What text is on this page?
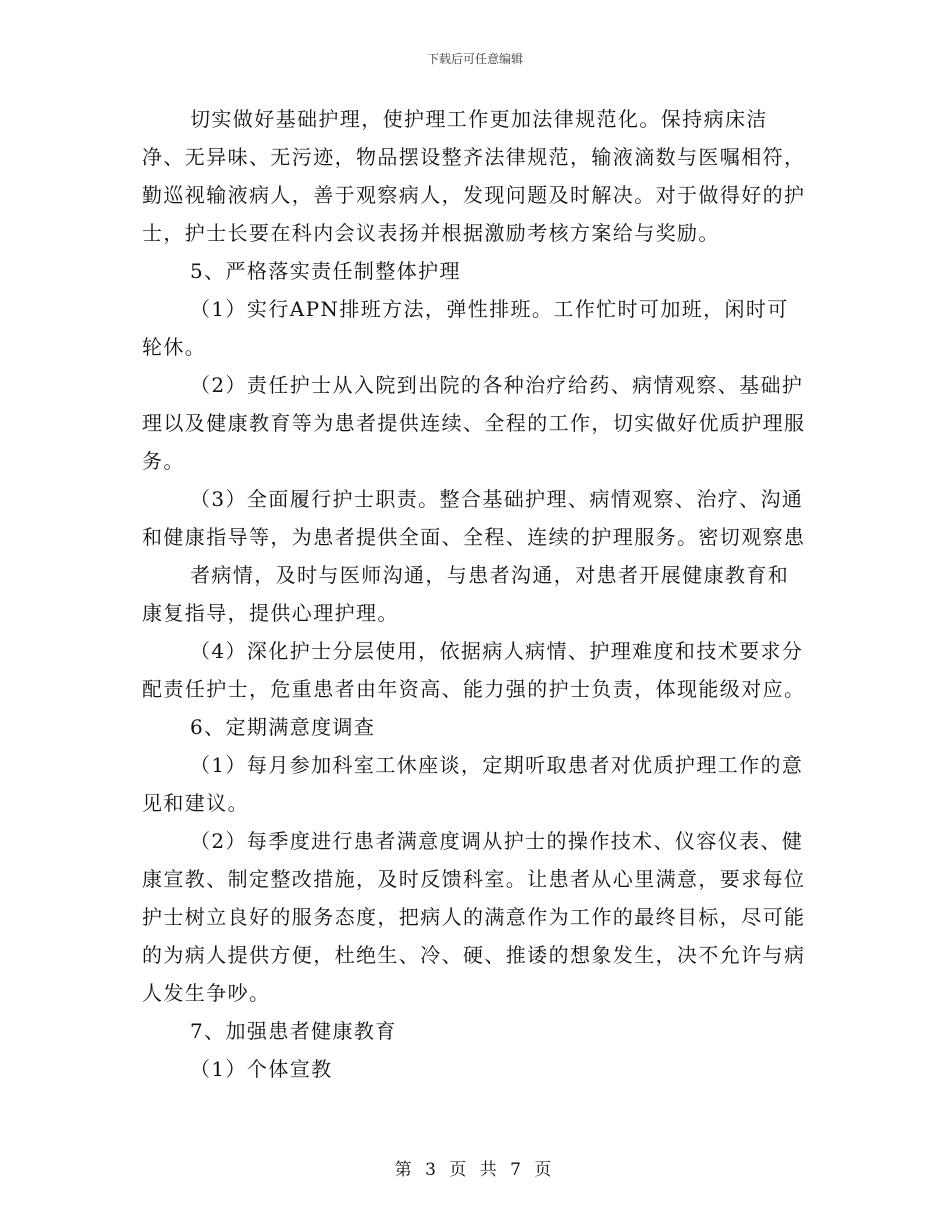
下载后可任意编辑

切实做好基础护理，使护理工作更加法律规范化。保持病床洁净、无异味、无污迹，物品摆设整齐法律规范，输液滴数与医嘱相符，勤巡视输液病人，善于观察病人，发现问题及时解决。对于做得好的护士，护士长要在科内会议表扬并根据激励考核方案给与奖励。

5、严格落实责任制整体护理

（1）实行APN排班方法，弹性排班。工作忙时可加班，闲时可轮休。

（2）责任护士从入院到出院的各种治疗给药、病情观察、基础护理以及健康教育等为患者提供连续、全程的工作，切实做好优质护理服务。

（3）全面履行护士职责。整合基础护理、病情观察、治疗、沟通和健康指导等，为患者提供全面、全程、连续的护理服务。密切观察患

者病情，及时与医师沟通，与患者沟通，对患者开展健康教育和康复指导，提供心理护理。

（4）深化护士分层使用，依据病人病情、护理难度和技术要求分配责任护士，危重患者由年资高、能力强的护士负责，体现能级对应。

6、定期满意度调查

（1）每月参加科室工休座谈，定期听取患者对优质护理工作的意见和建议。

（2）每季度进行患者满意度调从护士的操作技术、仪容仪表、健康宣教、制定整改措施，及时反馈科室。让患者从心里满意，要求每位护士树立良好的服务态度，把病人的满意作为工作的最终目标，尽可能的为病人提供方便，杜绝生、冷、硬、推诿的想象发生，决不允许与病人发生争吵。

7、加强患者健康教育

（1）个体宣教

第 3 页 共 7 页
